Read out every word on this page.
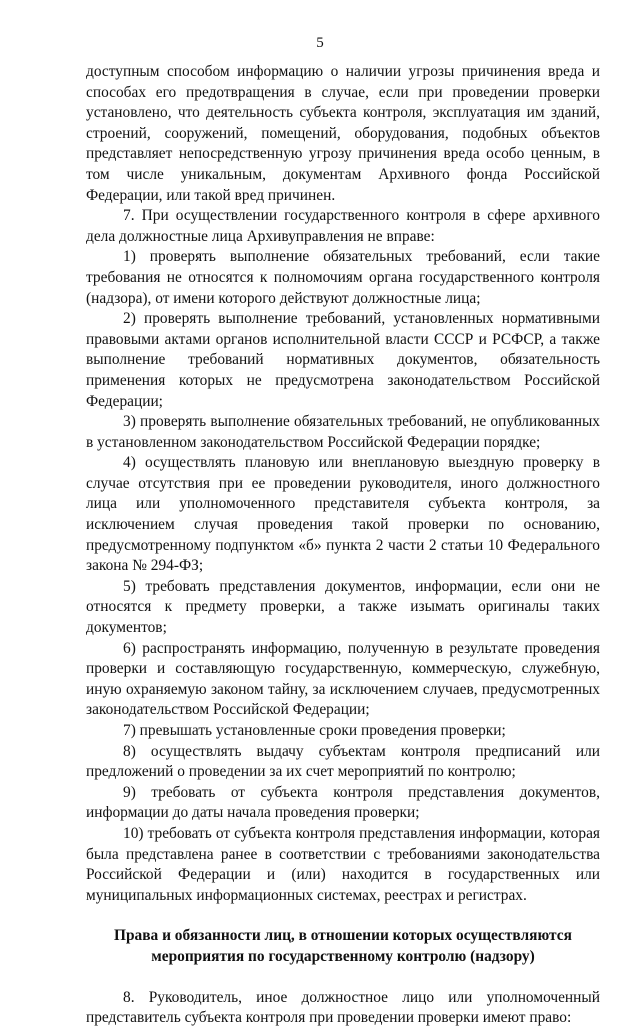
5

доступным способом информацию о наличии угрозы причинения вреда и способах его предотвращения в случае, если при проведении проверки установлено, что деятельность субъекта контроля, эксплуатация им зданий, строений, сооружений, помещений, оборудования, подобных объектов представляет непосредственную угрозу причинения вреда особо ценным, в том числе уникальным, документам Архивного фонда Российской Федерации, или такой вред причинен.

7. При осуществлении государственного контроля в сфере архивного дела должностные лица Архивуправления не вправе:

1) проверять выполнение обязательных требований, если такие требования не относятся к полномочиям органа государственного контроля (надзора), от имени которого действуют должностные лица;

2) проверять выполнение требований, установленных нормативными правовыми актами органов исполнительной власти СССР и РСФСР, а также выполнение требований нормативных документов, обязательность применения которых не предусмотрена законодательством Российской Федерации;

3) проверять выполнение обязательных требований, не опубликованных в установленном законодательством Российской Федерации порядке;

4) осуществлять плановую или внеплановую выездную проверку в случае отсутствия при ее проведении руководителя, иного должностного лица или уполномоченного представителя субъекта контроля, за исключением случая проведения такой проверки по основанию, предусмотренному подпунктом «б» пункта 2 части 2 статьи 10 Федерального закона № 294-ФЗ;

5) требовать представления документов, информации, если они не относятся к предмету проверки, а также изымать оригиналы таких документов;

6) распространять информацию, полученную в результате проведения проверки и составляющую государственную, коммерческую, служебную, иную охраняемую законом тайну, за исключением случаев, предусмотренных законодательством Российской Федерации;

7) превышать установленные сроки проведения проверки;

8) осуществлять выдачу субъектам контроля предписаний или предложений о проведении за их счет мероприятий по контролю;

9) требовать от субъекта контроля представления документов, информации до даты начала проведения проверки;

10) требовать от субъекта контроля представления информации, которая была представлена ранее в соответствии с требованиями законодательства Российской Федерации и (или) находится в государственных или муниципальных информационных системах, реестрах и регистрах.

Права и обязанности лиц, в отношении которых осуществляются мероприятия по государственному контролю (надзору)

8. Руководитель, иное должностное лицо или уполномоченный представитель субъекта контроля при проведении проверки имеют право:
